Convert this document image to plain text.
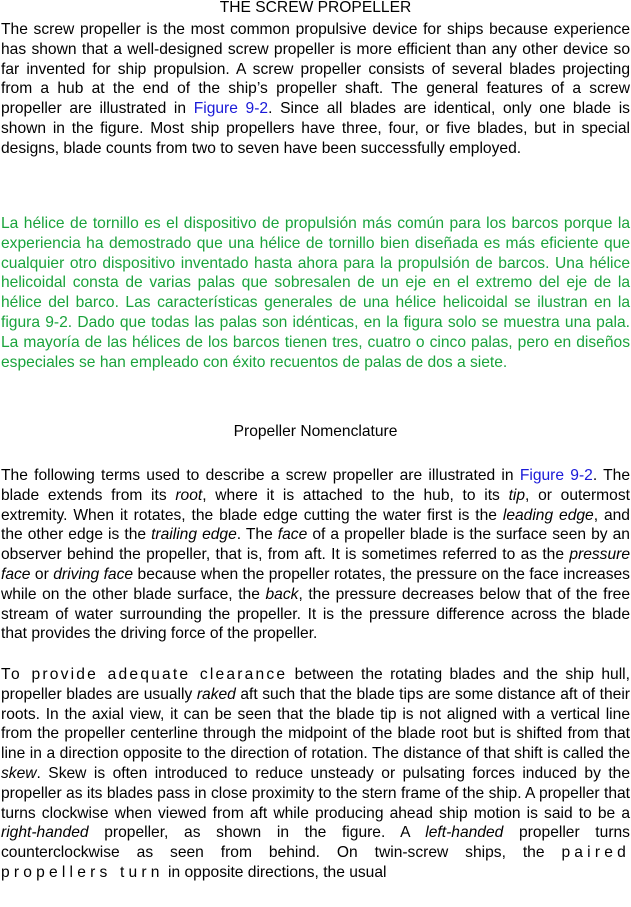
THE SCREW PROPELLER
The screw propeller is the most common propulsive device for ships because experience has shown that a well-designed screw propeller is more efficient than any other device so far invented for ship propulsion. A screw propeller consists of several blades projecting from a hub at the end of the ship’s propeller shaft. The general features of a screw propeller are illustrated in Figure 9-2. Since all blades are identical, only one blade is shown in the figure. Most ship propellers have three, four, or five blades, but in special designs, blade counts from two to seven have been successfully employed.
La hélice de tornillo es el dispositivo de propulsión más común para los barcos porque la experiencia ha demostrado que una hélice de tornillo bien diseñada es más eficiente que cualquier otro dispositivo inventado hasta ahora para la propulsión de barcos. Una hélice helicoidal consta de varias palas que sobresalen de un eje en el extremo del eje de la hélice del barco. Las características generales de una hélice helicoidal se ilustran en la figura 9-2. Dado que todas las palas son idénticas, en la figura solo se muestra una pala. La mayoría de las hélices de los barcos tienen tres, cuatro o cinco palas, pero en diseños especiales se han empleado con éxito recuentos de palas de dos a siete.
Propeller Nomenclature
The following terms used to describe a screw propeller are illustrated in Figure 9-2. The blade extends from its root, where it is attached to the hub, to its tip, or outermost extremity. When it rotates, the blade edge cutting the water first is the leading edge, and the other edge is the trailing edge. The face of a propeller blade is the surface seen by an observer behind the propeller, that is, from aft. It is sometimes referred to as the pressure face or driving face because when the propeller rotates, the pressure on the face increases while on the other blade surface, the back, the pressure decreases below that of the free stream of water surrounding the propeller. It is the pressure difference across the blade that provides the driving force of the propeller.
To provide adequate clearance between the rotating blades and the ship hull, propeller blades are usually raked aft such that the blade tips are some distance aft of their roots. In the axial view, it can be seen that the blade tip is not aligned with a vertical line from the propeller centerline through the midpoint of the blade root but is shifted from that line in a direction opposite to the direction of rotation. The distance of that shift is called the skew. Skew is often introduced to reduce unsteady or pulsating forces induced by the propeller as its blades pass in close proximity to the stern frame of the ship. A propeller that turns clockwise when viewed from aft while producing ahead ship motion is said to be a right-handed propeller, as shown in the figure. A left-handed propeller turns counterclockwise as seen from behind. On twin-screw ships, the paired propellers turn in opposite directions, the usual
